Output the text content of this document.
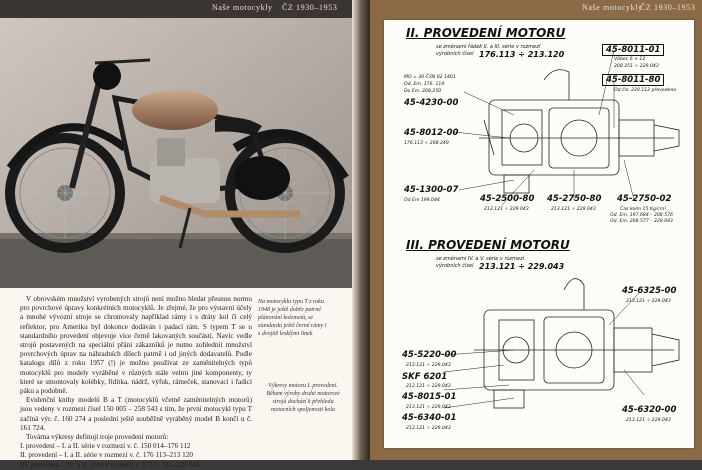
Naše motocykly ČZ 1930–1953

V obrovském množství vyrobených strojů není možno hledat přesnou normu pro povrchové úpravy konkrétních motocyklů. Je zřejmé, že pro výstavní účely a mnohé vývozní stroje se chromovaly například rámy i s dráty kol či celý reflektor, pro Ameriku byl dokonce dodáván i padací rám. S typem T se u standardního provedení objevuje více černě lakovaných součástí. Navíc vedle strojů postavených na speciální přání zákazníků je nutno zohlednit množství povrchových úprav na náhradních dílech patrně i od jiných dodavatelů. Podle katalogu dílů z roku 1957 (!) je možno používat ze zaměnitelných typů motocyklů pro modely vyráběné v různých stále velmi jiné komponenty, ty které se smontovaly kolébky, řídítka, nádrž, výfuk, rámeček, stanovací i řadicí páku a podobně.

Evidenční knihy modelů B a T (motocyklů včetně zaměnitelných motorů) jsou vedeny v rozmezí čísel 150 005 – 258 543 s tím, že první motocykl typu T začíná výr. č. 160 274 a poslední ještě souběžně vyráběný model B končí u č. 161 724.

Továrna výkresy definují troje provedení motorů:

I. provedení – I. a II. série v rozmezí v. č. 150 014–176 112

II. provedení – I. a II. série v rozmezí v. č. 176 113–213 120

III. provedení – IV. a V. série v rozmezí v. č. 213 121–229 043

Na motocyklu typu T z roku 1948 je ještě dobře patrné plánování kolemetů, se standardu ještě černé rámy i s dvojitě lesklými linek
Výkresy motoru I. provedení. Během výroby druhé motorové strojů dochází k přehledu motorních spoljenosti kola
Naše motocykly
ČZ 1930–1953
II. PROVEDENÍ MOTORU
se změnami řádek II. a III. série v rozmezí
výrobních čísel 176.113 ÷ 213.120	45-8011-01
Vůbec 6 × 12
208.251 ÷ 229.043
45-8011-80
Od čís. 220.112 převedeno
MO = 30 ČSN 02 1401
Od. Em. 176. 114
Do Em. 208.250
45-4230-00
45-8012-00
176.113 ÷ 208.249
45-1300-07
Od Em 199.044	45-2500-80
213.121 ÷ 229.043
45-2750-80
213.121 ÷ 229.043
45-2750-02
Čas kolm 15 Kg/cm²
Od. Em. 197.684 – 208.576
Od. Em. 208.577 – 229.043
III. PROVEDENÍ MOTORU
se změnami IV. a V. série v rozmezí
výrobních čísel 213.121 ÷ 229.043
45-6325-00
213.121 ÷ 229.043
45-5220-00
213.121 ÷ 229.043
SKF 6201
213.121 ÷ 229.043
45-8015-01
213.121 ÷ 229.043
45-6340-01
213.121 ÷ 229.043
45-6320-00
213.121 ÷ 229.043
